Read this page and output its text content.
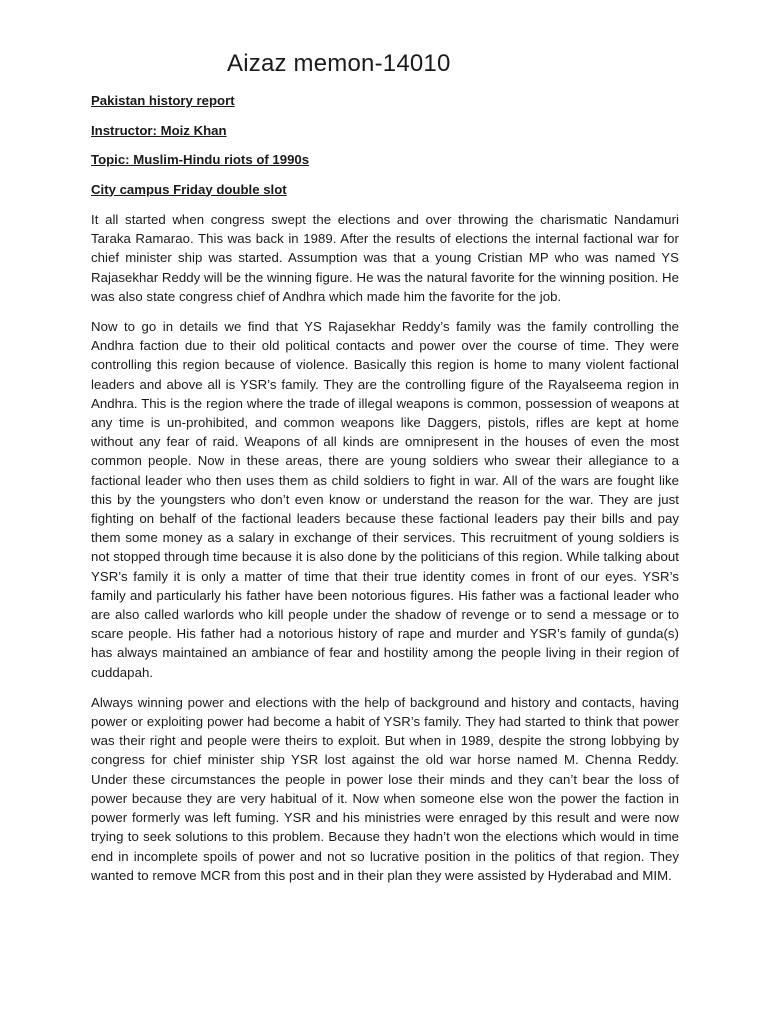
Aizaz memon-14010

Pakistan history report

Instructor: Moiz Khan

Topic: Muslim-Hindu riots of 1990s

City campus Friday double slot

It all started when congress swept the elections and over throwing the charismatic Nandamuri Taraka Ramarao. This was back in 1989. After the results of elections the internal factional war for chief minister ship was started. Assumption was that a young Cristian MP who was named YS Rajasekhar Reddy will be the winning figure. He was the natural favorite for the winning position. He was also state congress chief of Andhra which made him the favorite for the job.

Now to go in details we find that YS Rajasekhar Reddy’s family was the family controlling the Andhra faction due to their old political contacts and power over the course of time. They were controlling this region because of violence. Basically this region is home to many violent factional leaders and above all is YSR’s family. They are the controlling figure of the Rayalseema region in Andhra. This is the region where the trade of illegal weapons is common, possession of weapons at any time is un-prohibited, and common weapons like Daggers, pistols, rifles are kept at home without any fear of raid. Weapons of all kinds are omnipresent in the houses of even the most common people. Now in these areas, there are young soldiers who swear their allegiance to a factional leader who then uses them as child soldiers to fight in war. All of the wars are fought like this by the youngsters who don’t even know or understand the reason for the war. They are just fighting on behalf of the factional leaders because these factional leaders pay their bills and pay them some money as a salary in exchange of their services. This recruitment of young soldiers is not stopped through time because it is also done by the politicians of this region. While talking about YSR’s family it is only a matter of time that their true identity comes in front of our eyes. YSR’s family and particularly his father have been notorious figures. His father was a factional leader who are also called warlords who kill people under the shadow of revenge or to send a message or to scare people. His father had a notorious history of rape and murder and YSR’s family of gunda(s) has always maintained an ambiance of fear and hostility among the people living in their region of cuddapah.

Always winning power and elections with the help of background and history and contacts, having power or exploiting power had become a habit of YSR’s family. They had started to think that power was their right and people were theirs to exploit. But when in 1989, despite the strong lobbying by congress for chief minister ship YSR lost against the old war horse named M. Chenna Reddy. Under these circumstances the people in power lose their minds and they can’t bear the loss of power because they are very habitual of it. Now when someone else won the power the faction in power formerly was left fuming. YSR and his ministries were enraged by this result and were now trying to seek solutions to this problem. Because they hadn’t won the elections which would in time end in incomplete spoils of power and not so lucrative position in the politics of that region. They wanted to remove MCR from this post and in their plan they were assisted by Hyderabad and MIM.
